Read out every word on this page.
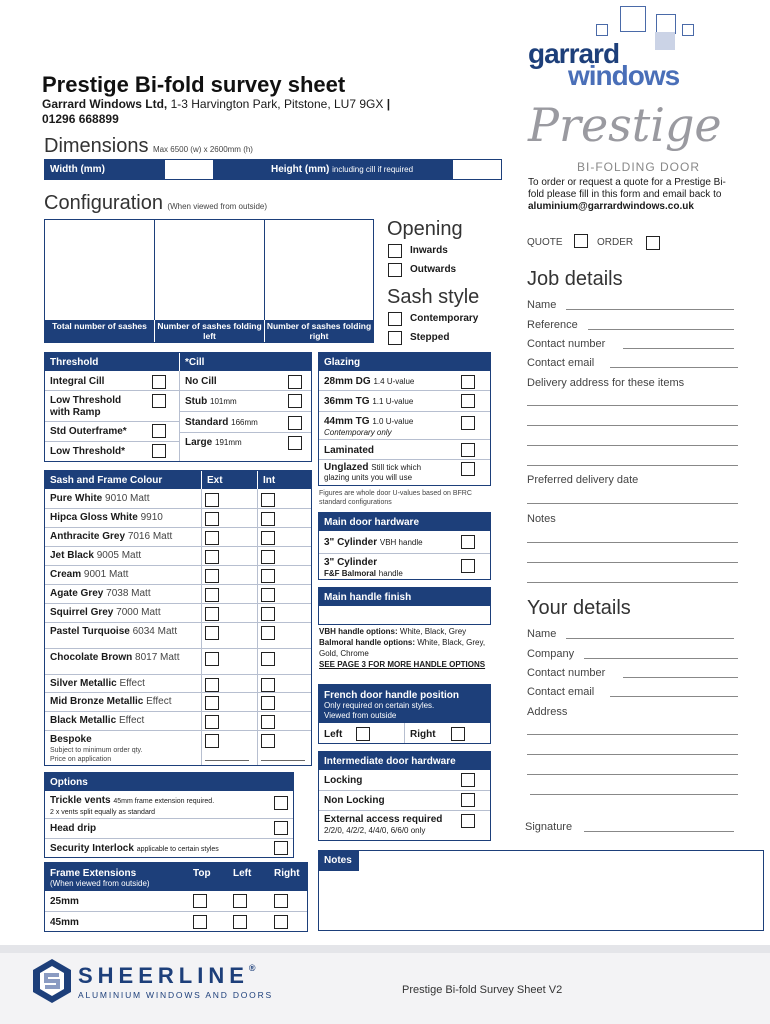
Prestige Bi-fold survey sheet
Garrard Windows Ltd, 1-3 Harvington Park, Pitstone, LU7 9GX |
01296 668899
garrard
windows
Prestige
BI-FOLDING DOOR
Dimensions Max 6500 (w) x 2600mm (h)
Width (mm)	Height (mm) including cill if required
Configuration (When viewed from outside)
Total number of sashes	Number of sashes folding left
Number of sashes folding right
Opening
Inwards
Outwards
Sash style
Contemporary
Stepped
To order or request a quote for a Prestige Bi-fold please fill in this form and email back to
aluminium@garrardwindows.co.uk
QUOTE	ORDER
Threshold	*Cill
Integral Cill
Low Threshold with Ramp
Std Outerframe*
Low Threshold*
No Cill
Stub 101mm
Standard 166mm
Large 191mm
Glazing
28mm DG 1.4 U-value
36mm TG 1.1 U-value
44mm TG 1.0 U-value
Contemporary only
Laminated
Unglazed Still tick which
glazing units you will use
Figures are whole door U-values based on BFRC standard configurations
Sash and Frame Colour	Ext	Int
Pure White 9010 Matt
Hipca Gloss White 9910
Anthracite Grey 7016 Matt
Jet Black 9005 Matt
Cream 9001 Matt
Agate Grey 7038 Matt
Squirrel Grey 7000 Matt
Pastel Turquoise 6034 Matt
Chocolate Brown 8017 Matt
Silver Metallic Effect
Mid Bronze Metallic Effect
Black Metallic Effect
Bespoke
Subject to minimum order qty.
Price on application
Options
Trickle vents 45mm frame extension required.
2 x vents split equally as standard
Head drip
Security Interlock applicable to certain styles
Frame Extensions
(When viewed from outside)
Top Left Right
25mm
45mm
Main door hardware
3" Cylinder VBH handle
3" Cylinder
F&F Balmoral handle
Main handle finish
VBH handle options: White, Black, Grey
Balmoral handle options: White, Black, Grey, Gold, Chrome
SEE PAGE 3 FOR MORE HANDLE OPTIONS
French door handle position
Only required on certain styles.
Viewed from outside
Left	Right
Intermediate door hardware
Locking
Non Locking
External access required
2/2/0, 4/2/2, 4/4/0, 6/6/0 only
Notes
Job details
Name
Reference
Contact number
Contact email
Delivery address for these items
Preferred delivery date
Notes
Your details
Name
Company
Contact number
Contact email
Address
Signature
SHEERLINE®
ALUMINIUM WINDOWS AND DOORS	Prestige Bi-fold Survey Sheet V2
